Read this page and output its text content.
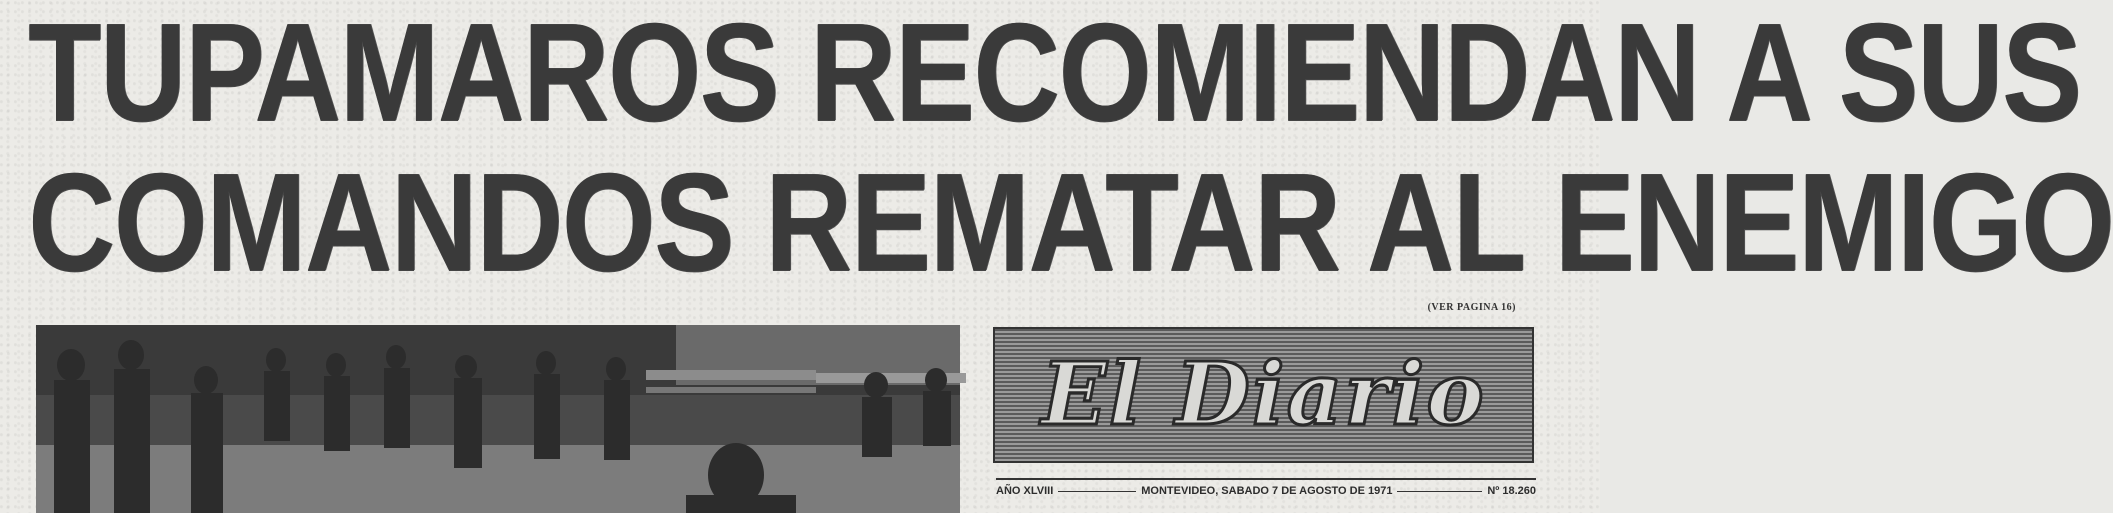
TUPAMAROS RECOMIENDAN A SUS
COMANDOS REMATAR AL ENEMIGO
(VER PAGINA 16)
El Diario
AÑO XLVIII	MONTEVIDEO, SABADO 7 DE AGOSTO DE 1971	Nº 18.260
